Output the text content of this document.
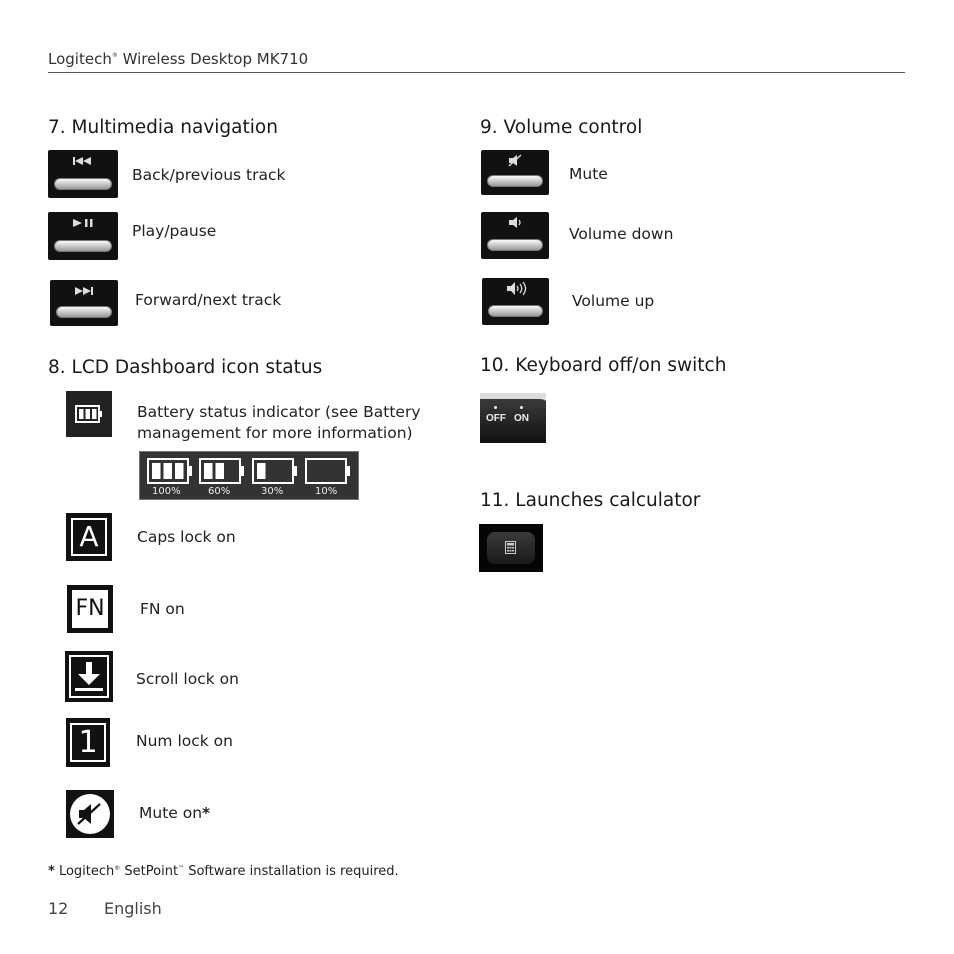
Logitech® Wireless Desktop MK710
7. Multimedia navigation
Back/previous track
Play/pause
Forward/next track
8. LCD Dashboard icon status
Battery status indicator (see Battery
management for more information)
100%	60%	30%	10%
A	Caps lock on
FN FN on
Scroll lock on
1	Num lock on
Mute on*
9. Volume control
Mute
Volume down
Volume up
10. Keyboard off/on switch
OFF ON
11. Launches calculator
* Logitech® SetPoint™ Software installation is required.
12 English
